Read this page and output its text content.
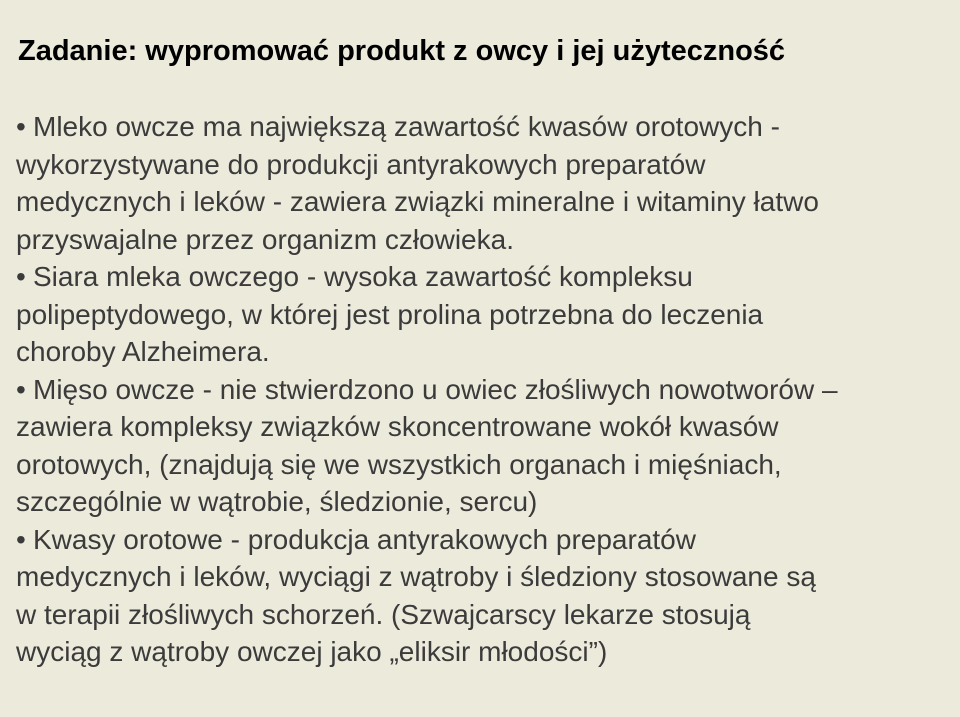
Zadanie: wypromować produkt z owcy i jej użyteczność
• Mleko owcze ma największą zawartość kwasów orotowych -
wykorzystywane do produkcji antyrakowych preparatów
medycznych i leków - zawiera związki mineralne i witaminy łatwo
przyswajalne przez organizm człowieka.
• Siara mleka owczego - wysoka zawartość kompleksu
polipeptydowego, w której jest prolina potrzebna do leczenia
choroby Alzheimera.
• Mięso owcze - nie stwierdzono u owiec złośliwych nowotworów –
zawiera kompleksy związków skoncentrowane wokół kwasów
orotowych, (znajdują się we wszystkich organach i mięśniach,
szczególnie w wątrobie, śledzionie, sercu)
• Kwasy orotowe - produkcja antyrakowych preparatów
medycznych i leków, wyciągi z wątroby i śledziony stosowane są
w terapii złośliwych schorzeń. (Szwajcarscy lekarze stosują
wyciąg z wątroby owczej jako „eliksir młodości”)
